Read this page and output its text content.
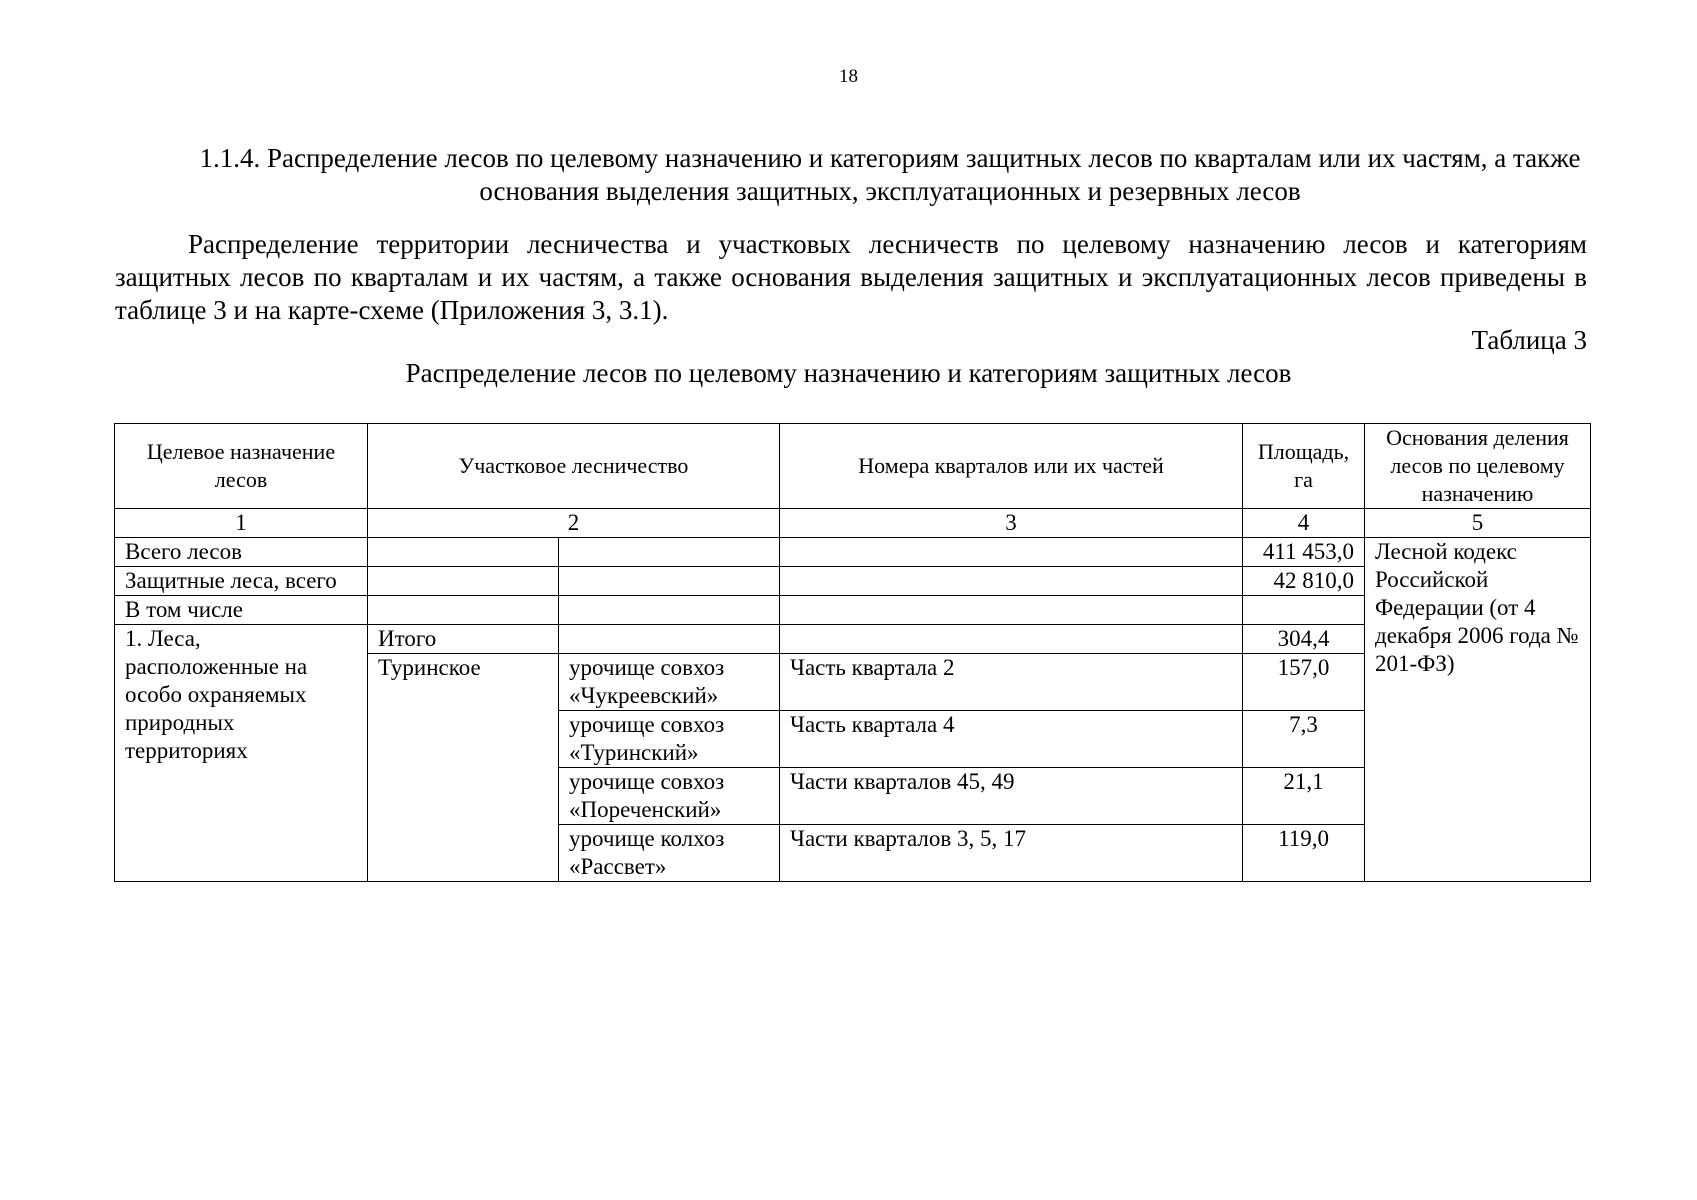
18
1.1.4. Распределение лесов по целевому назначению и категориям защитных лесов по кварталам или их частям, а также основания выделения защитных, эксплуатационных и резервных лесов
Распределение территории лесничества и участковых лесничеств по целевому назначению лесов и категориям защитных лесов по кварталам и их частям, а также основания выделения защитных и эксплуатационных лесов приведены в таблице 3 и на карте-схеме (Приложения 3, 3.1).
Таблица 3
Распределение лесов по целевому назначению и категориям защитных лесов
Целевое назначение лесов	Участковое лесничество		Номера кварталов или их частей	Площадь, га	Основания деления лесов по целевому назначению
1	2		3	4	5
Всего лесов				411 453,0	Лесной кодекс Российской Федерации (от 4 декабря 2006 года № 201-ФЗ)
Защитные леса, всего				42 810,0	
В том числе					
1. Леса, расположенные на особо охраняемых природных территориях	Итого			304,4	
	Туринское	урочище совхоз «Чукреевский»	Часть квартала 2	157,0	
		урочище совхоз «Туринский»	Часть квартала 4	7,3	
		урочище совхоз «Пореченский»	Части кварталов 45, 49	21,1	
		урочище колхоз «Рассвет»	Части кварталов 3, 5, 17	119,0	
